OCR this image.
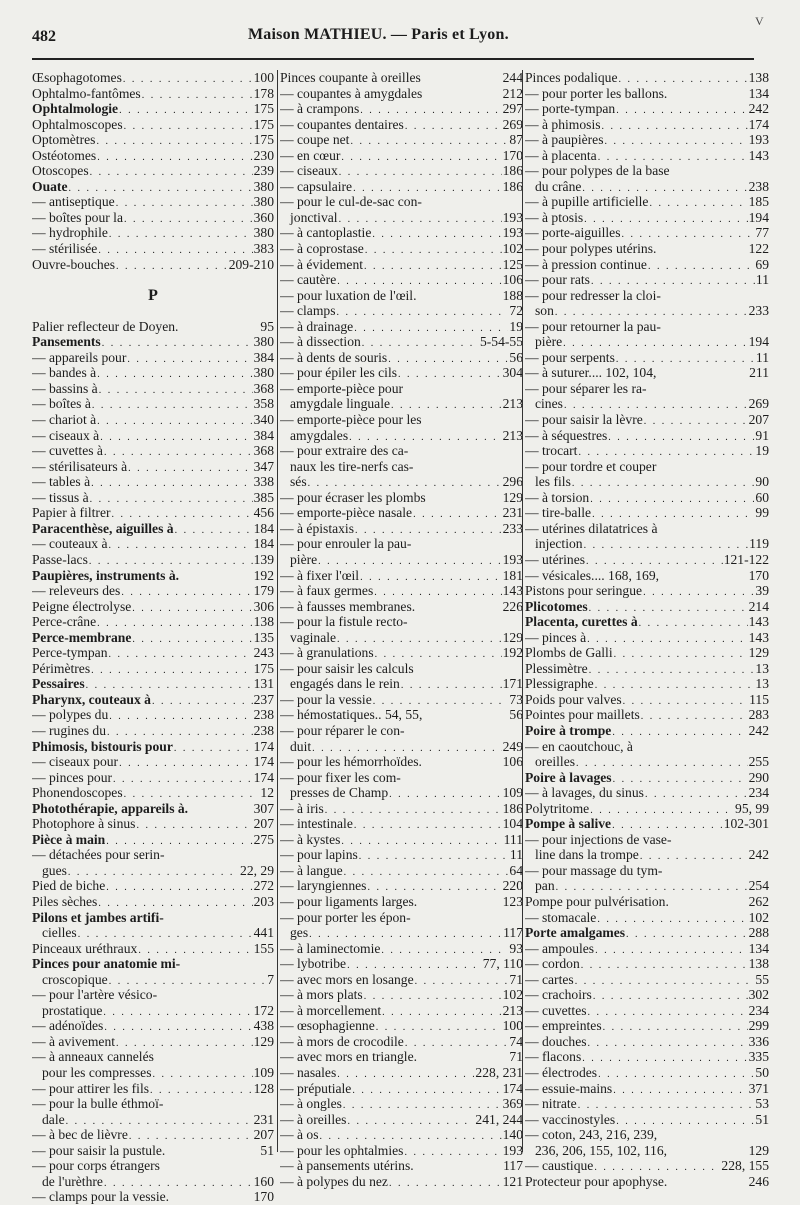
482	Maison MATHIEU. — Paris et Lyon.
V
Œsophagotomes . . .	100
Ophtalmo-fantômes . . .	178
Ophtalmologie . . .	175
Ophtalmoscopes . . .	175
Optomètres . . .	175
Ostéotomes . . .	230
Otoscopes . . .	239
Ouate . . .	380
— antiseptique . . .	380
— boîtes pour la . . .	360
— hydrophile . . .	380
— stérilisée . . .	383
Ouvre-bouches . . .	209-210
P
Palier reflecteur de Doyen.	95
Pansements . . .	380
— appareils pour . . .	384
— bandes à . . .	380
— bassins à . . .	368
— boîtes à . . .	358
— chariot à . . .	340
— ciseaux à . . .	384
— cuvettes à . . .	368
— stérilisateurs à . . .	347
— tables à . . .	338
— tissus à . . .	385
Papier à filtrer . . .	456
Paracenthèse, aiguilles à . . .	184
— couteaux à . . .	184
Passe-lacs . . .	139
Paupières, instruments à.	192
— releveurs des . . .	179
Peigne électrolyse . . .	306
Perce-crâne . . .	138
Perce-membrane . . .	135
Perce-tympan . . .	243
Périmètres . . .	175
Pessaires . . .	131
Pharynx, couteaux à . . .	237
— polypes du . . .	238
— rugines du . . .	238
Phimosis, bistouris pour . . .	174
— ciseaux pour . . .	174
— pinces pour . . .	174
Phonendoscopes . . .	12
Photothérapie, appareils à.	307
Photophore à sinus . . .	207
Pièce à main . . .	275
— détachées pour serin-
gues . . .	22, 29
Pied de biche . . .	272
Piles sèches . . .	203
Pilons et jambes artifi-
cielles . . .	441
Pinceaux uréthraux . . .	155
Pinces pour anatomie mi-
croscopique . . .	7
— pour l'artère vésico-
prostatique . . .	172
— adénoïdes . . .	438
— à avivement . . .	129
— à anneaux cannelés
pour les compresses . . .	109
— pour attirer les fils . . .	128
— pour la bulle éthmoï-
dale . . .	231
— à bec de lièvre . . .	207
— pour saisir la pustule.	51
— pour corps étrangers
de l'urèthre . . .	160
— clamps pour la vessie.	170
Pinces coupante à oreilles	244
— coupantes à amygdales	212
— à crampons . . .	297
— coupantes dentaires . . .	269
— coupe net . . .	87
— en cœur . . .	170
— ciseaux . . .	186
— capsulaire . . .	186
— pour le cul-de-sac con-
jonctival . . .	193
— à cantoplastie . . .	193
— à coprostase . . .	102
— à évidement . . .	125
— cautère . . .	106
— pour luxation de l'œil.	188
— clamps . . .	72
— à drainage . . .	19
— à dissection . . .	5-54-55
— à dents de souris . . .	56
— pour épiler les cils . . .	304
— emporte-pièce pour
amygdale linguale . . .	213
— emporte-pièce pour les
amygdales . . .	213
— pour extraire des ca-
naux les tire-nerfs cas-
sés . . .	296
— pour écraser les plombs	129
— emporte-pièce nasale . . .	231
— à épistaxis . . .	233
— pour enrouler la pau-
pière . . .	193
— à fixer l'œil . . .	181
— à faux germes . . .	143
— à fausses membranes.	226
— pour la fistule recto-
vaginale . . .	129
— à granulations . . .	192
— pour saisir les calculs
engagés dans le rein . . .	171
— pour la vessie . . .	73
— hémostatiques.. 54, 55,	56
— pour réparer le con-
duit . . .	249
— pour les hémorrhoïdes.	106
— pour fixer les com-
presses de Champ . . .	109
— à iris . . .	186
— intestinale . . .	104
— à kystes . . .	111
— pour lapins . . .	11
— à langue . . .	64
— laryngiennes . . .	220
— pour ligaments larges.	123
— pour porter les épon-
ges . . .	117
— à laminectomie . . .	93
— lybotribe . . .	77, 110
— avec mors en losange . . .	71
— à mors plats . . .	102
— à morcellement . . .	213
— œsophagienne . . .	100
— à mors de crocodile . . .	74
— avec mors en triangle.	71
— nasales . . .	228, 231
— préputiale . . .	174
— à ongles . . .	369
— à oreilles . . .	241, 244
— à os . . .	140
— pour les ophtalmies . . .	193
— à pansements utérins.	117
— à polypes du nez . . .	121
Pinces podalique . . .	138
— pour porter les ballons.	134
— porte-tympan . . .	242
— à phimosis . . .	174
— à paupières . . .	193
— à placenta . . .	143
— pour polypes de la base
du crâne . . .	238
— à pupille artificielle . . .	185
— à ptosis . . .	194
— porte-aiguilles . . .	77
— pour polypes utérins.	122
— à pression continue . . .	69
— pour rats . . .	11
— pour redresser la cloi-
son . . .	233
— pour retourner la pau-
pière . . .	194
— pour serpents . . .	11
— à suturer.... 102, 104,	211
— pour séparer les ra-
cines . . .	269
— pour saisir la lèvre . . .	207
— à séquestres . . .	91
— trocart . . .	19
— pour tordre et couper
les fils . . .	90
— à torsion . . .	60
— tire-balle . . .	99
— utérines dilatatrices à
injection . . .	119
— utérines . . .	121-122
— vésicales.... 168, 169,	170
Pistons pour seringue . . .	39
Plicotomes . . .	214
Placenta, curettes à . . .	143
— pinces à . . .	143
Plombs de Galli . . .	129
Plessimètre . . .	13
Plessigraphe . . .	13
Poids pour valves . . .	115
Pointes pour maillets . . .	283
Poire à trompe . . .	242
— en caoutchouc, à
oreilles . . .	255
Poire à lavages . . .	290
— à lavages, du sinus . . .	234
Polytritome . . .	95, 99
Pompe à salive . . .	102-301
— pour injections de vase-
line dans la trompe . . .	242
— pour massage du tym-
pan . . .	254
Pompe pour pulvérisation.	262
— stomacale . . .	102
Porte amalgames . . .	288
— ampoules . . .	134
— cordon . . .	138
— cartes . . .	55
— crachoirs . . .	302
— cuvettes . . .	234
— empreintes . . .	299
— douches . . .	336
— flacons . . .	335
— électrodes . . .	50
— essuie-mains . . .	371
— nitrate . . .	53
— vaccinostyles . . .	51
— coton, 243, 216, 239,
236, 206, 155, 102, 116,	129
— caustique . . .	228, 155
Protecteur pour apophyse.	246
